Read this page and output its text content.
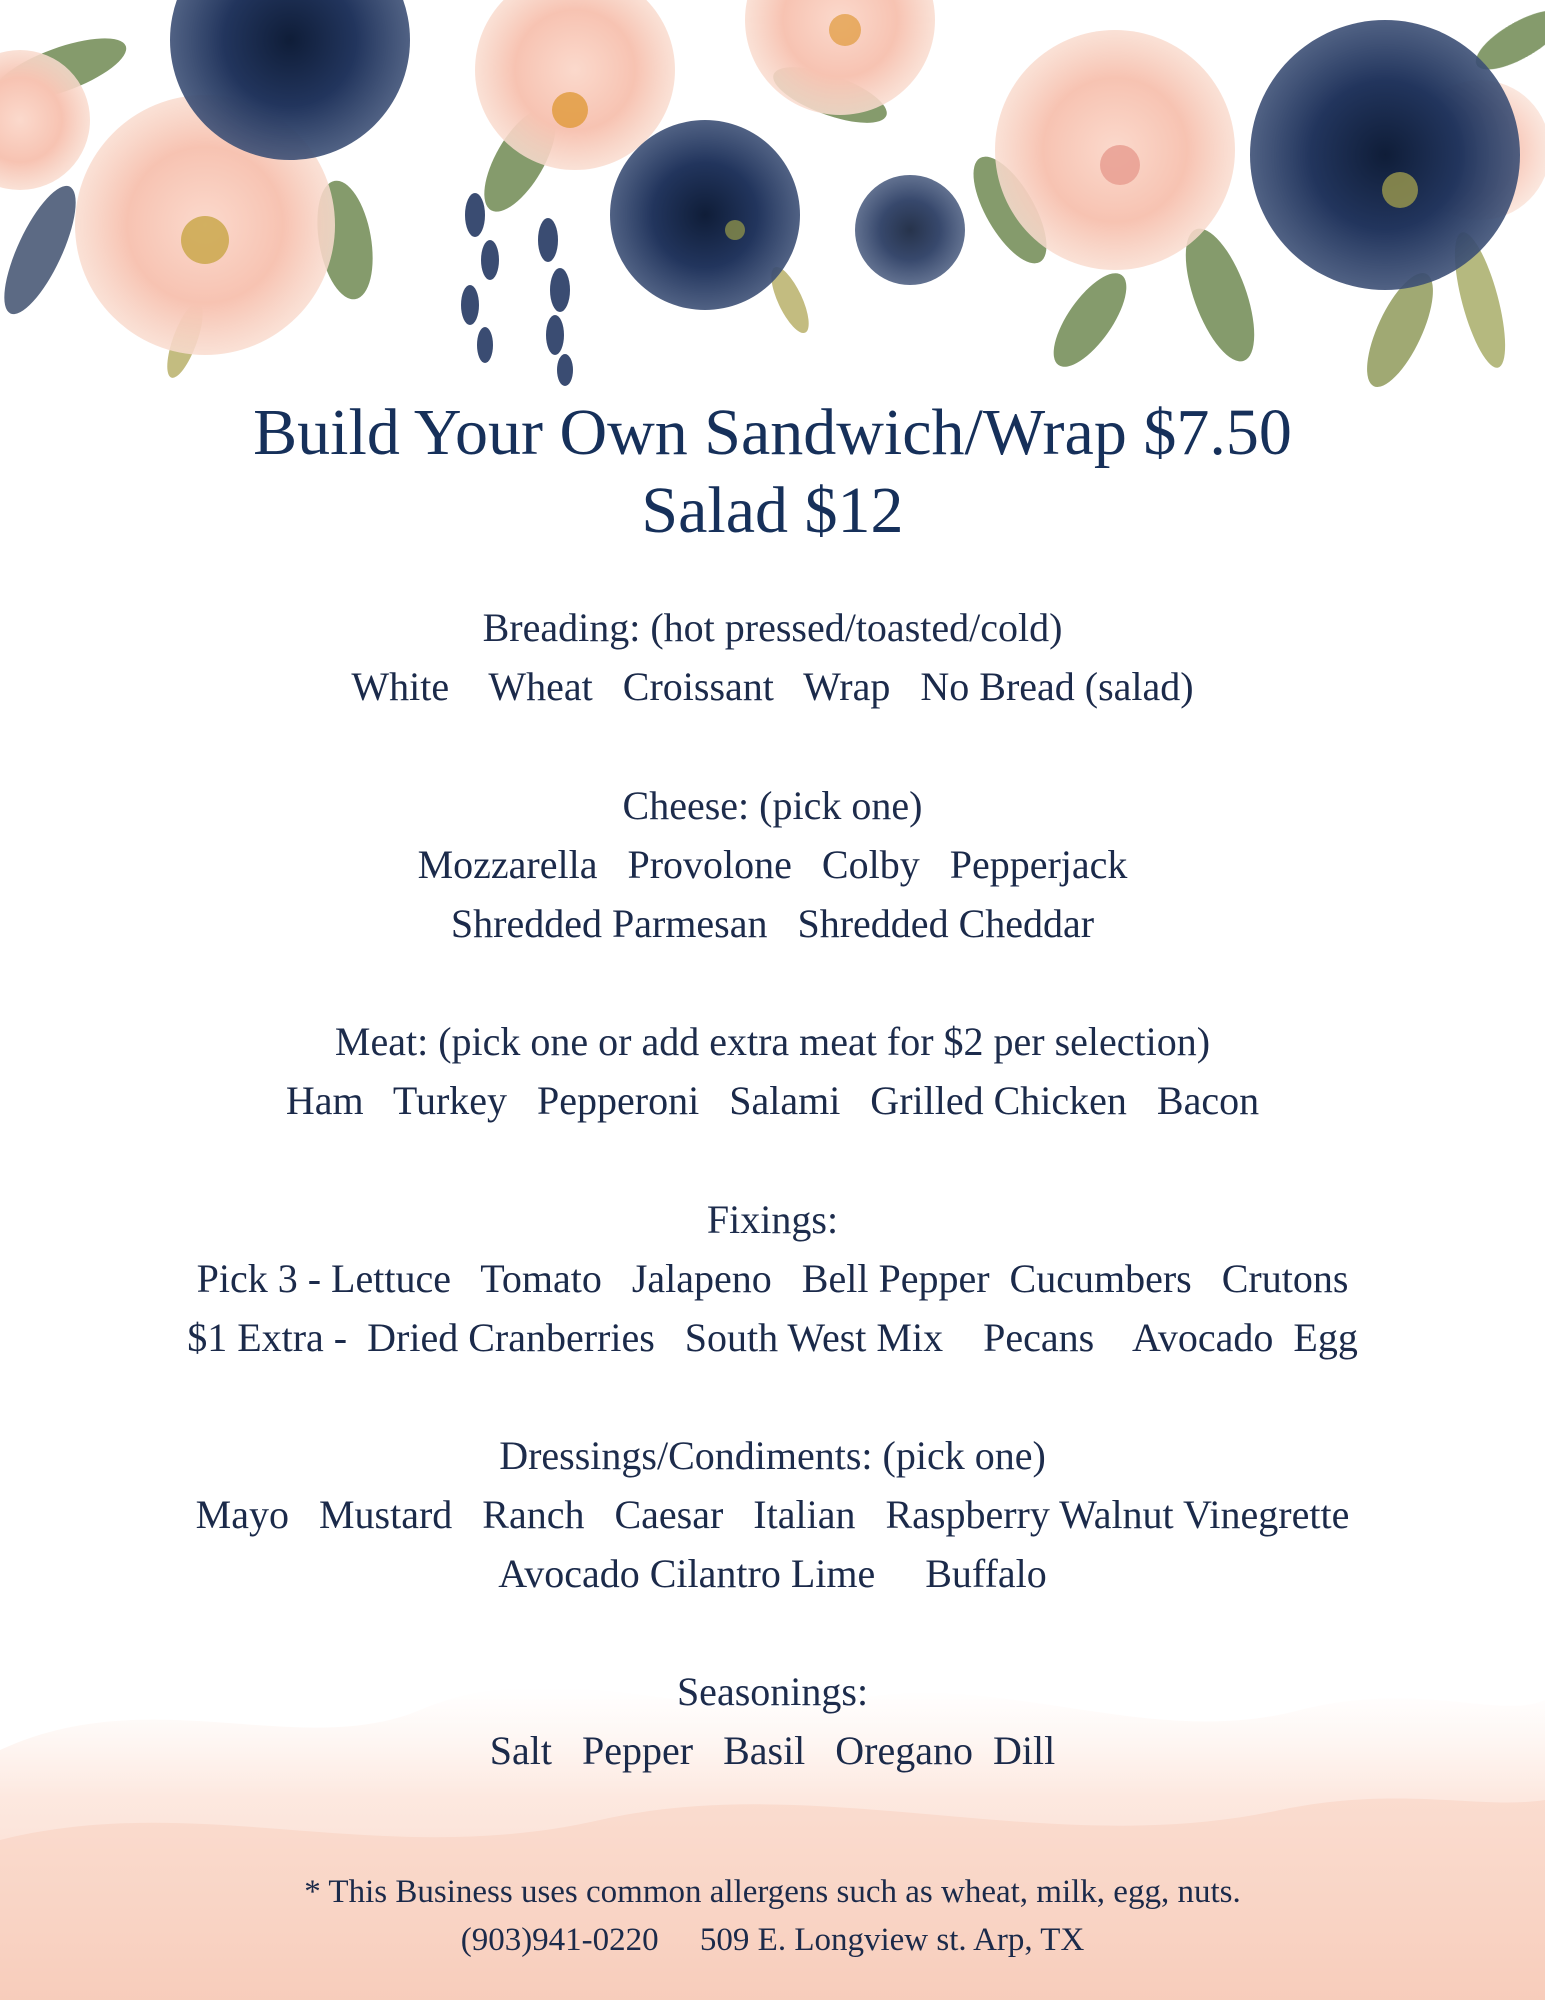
Build Your Own Sandwich/Wrap $7.50
Salad $12
Breading: (hot pressed/toasted/cold)
White    Wheat   Croissant   Wrap   No Bread (salad)
Cheese: (pick one)
Mozzarella   Provolone   Colby   Pepperjack
Shredded Parmesan   Shredded Cheddar
Meat: (pick one or add extra meat for $2 per selection)
Ham   Turkey   Pepperoni   Salami   Grilled Chicken   Bacon
Fixings:
Pick 3 - Lettuce   Tomato   Jalapeno   Bell Pepper  Cucumbers   Crutons
$1 Extra -  Dried Cranberries   South West Mix    Pecans    Avocado  Egg
Dressings/Condiments: (pick one)
Mayo   Mustard   Ranch   Caesar   Italian   Raspberry Walnut Vinegrette
Avocado Cilantro Lime     Buffalo
Seasonings:
Salt   Pepper   Basil   Oregano  Dill
* This Business uses common allergens such as wheat, milk, egg, nuts.
(903)941-0220     509 E. Longview st. Arp, TX
